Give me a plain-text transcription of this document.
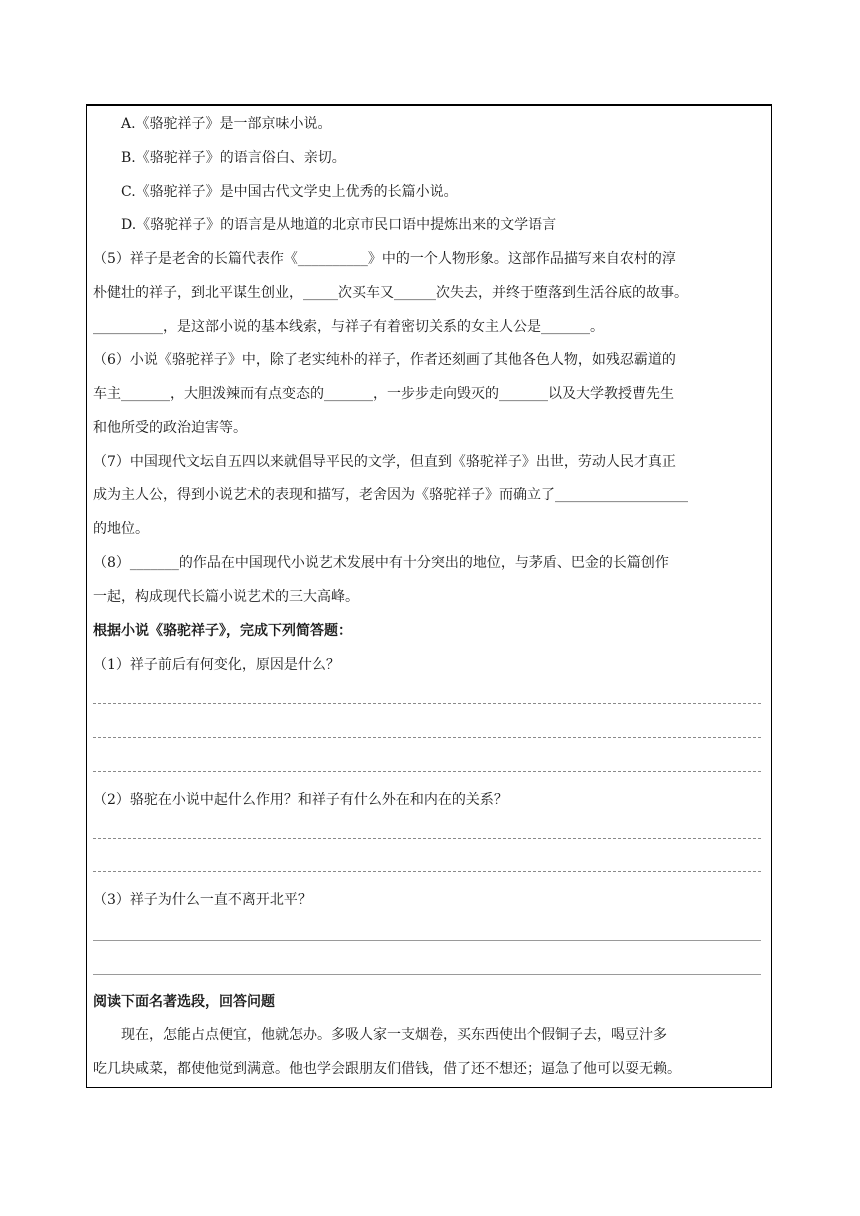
A.《骆驼祥子》是一部京味小说。
B.《骆驼祥子》的语言俗白、亲切。
C.《骆驼祥子》是中国古代文学史上优秀的长篇小说。
D.《骆驼祥子》的语言是从地道的北京市民口语中提炼出来的文学语言
（5）祥子是老舍的长篇代表作《__________》中的一个人物形象。这部作品描写来自农村的淳
朴健壮的祥子，到北平谋生创业，_____次买车又______次失去，并终于堕落到生活谷底的故事。
__________，是这部小说的基本线索，与祥子有着密切关系的女主人公是_______。
（6）小说《骆驼祥子》中，除了老实纯朴的祥子，作者还刻画了其他各色人物，如残忍霸道的
车主_______，大胆泼辣而有点变态的_______，一步步走向毁灭的_______以及大学教授曹先生
和他所受的政治迫害等。
（7）中国现代文坛自五四以来就倡导平民的文学，但直到《骆驼祥子》出世，劳动人民才真正
成为主人公，得到小说艺术的表现和描写，老舍因为《骆驼祥子》而确立了___________________
的地位。
（8）_______的作品在中国现代小说艺术发展中有十分突出的地位，与茅盾、巴金的长篇创作
一起，构成现代长篇小说艺术的三大高峰。
根据小说《骆驼祥子》，完成下列简答题：
（1）祥子前后有何变化，原因是什么？
（2）骆驼在小说中起什么作用？和祥子有什么外在和内在的关系？
（3）祥子为什么一直不离开北平？
阅读下面名著选段，回答问题
现在，怎能占点便宜，他就怎办。多吸人家一支烟卷，买东西使出个假铜子去，喝豆汁多
吃几块咸菜，都使他觉到满意。他也学会跟朋友们借钱，借了还不想还；逼急了他可以耍无赖。
